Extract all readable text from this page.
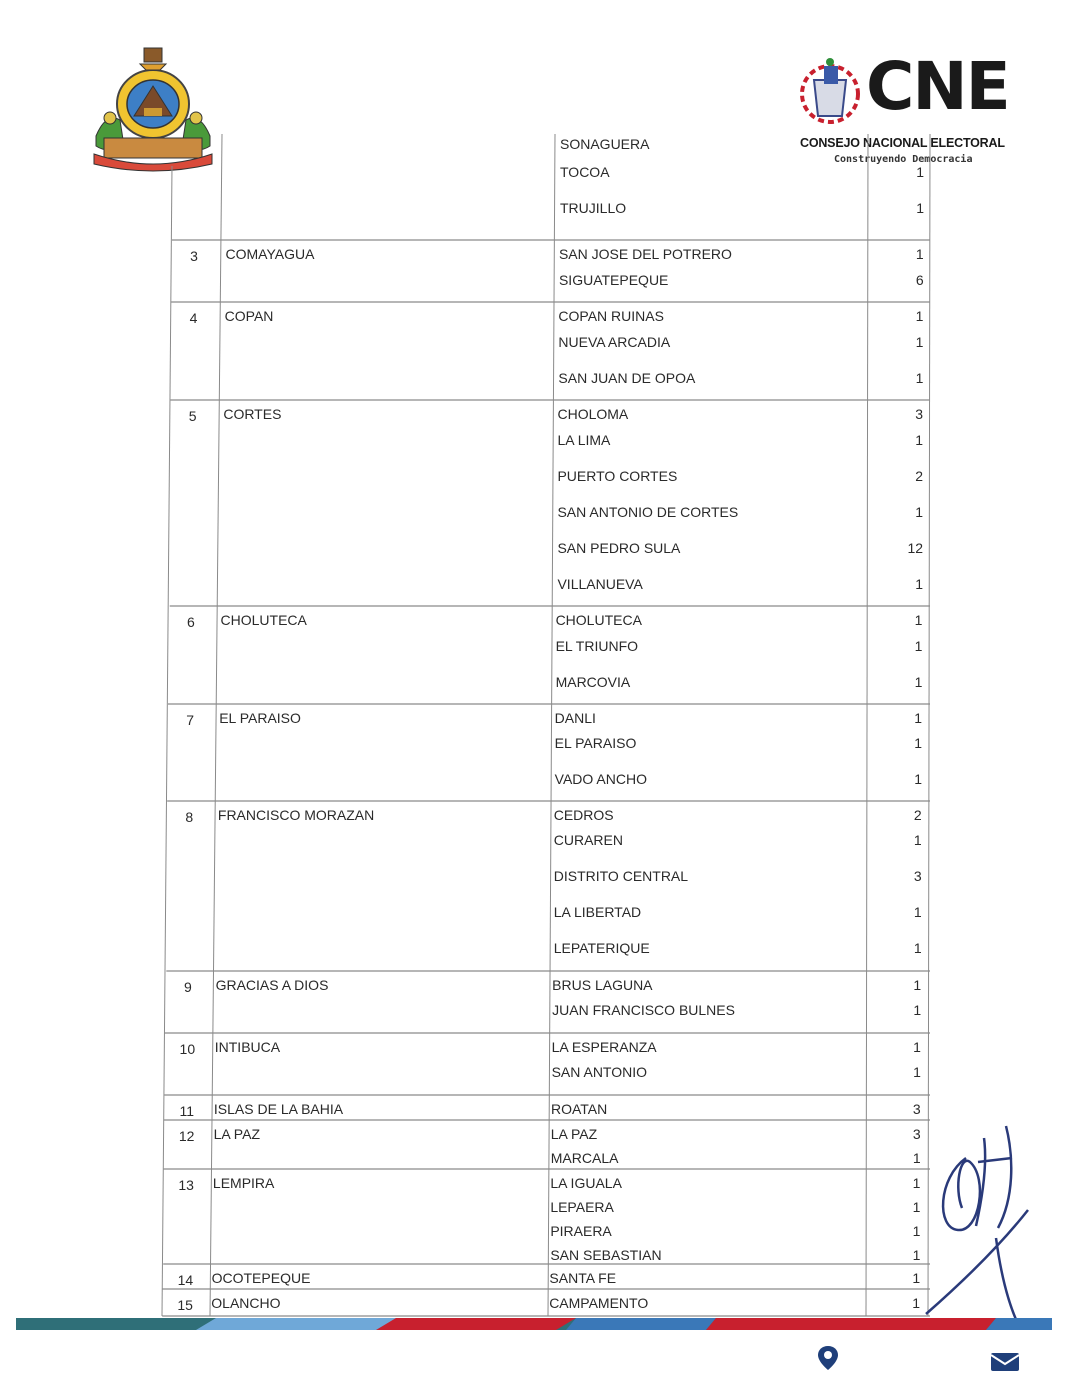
CNE
CONSEJO NACIONAL ELECTORAL
Construyendo Democracia
SONAGUERA
TOCOA	1
TRUJILLO	1
3	COMAYAGUA	SAN JOSE DEL POTRERO	1
SIGUATEPEQUE	6
4	COPAN	COPAN RUINAS	1
NUEVA ARCADIA	1
SAN JUAN DE OPOA	1
5	CORTES	CHOLOMA	3
LA LIMA	1
PUERTO CORTES	2
SAN ANTONIO DE CORTES	1
SAN PEDRO SULA	12
VILLANUEVA	1
6	CHOLUTECA	CHOLUTECA	1
EL TRIUNFO	1
MARCOVIA	1
7	EL PARAISO	DANLI	1
EL PARAISO	1
VADO ANCHO	1
8	FRANCISCO MORAZAN	CEDROS	2
CURAREN	1
DISTRITO CENTRAL	3
LA LIBERTAD	1
LEPATERIQUE	1
9	GRACIAS A DIOS	BRUS LAGUNA	1
JUAN FRANCISCO BULNES	1
10	INTIBUCA	LA ESPERANZA	1
SAN ANTONIO	1
11	ISLAS DE LA BAHIA	ROATAN	3
12	LA PAZ	LA PAZ	3
MARCALA	1
13	LEMPIRA	LA IGUALA	1
LEPAERA	1
PIRAERA	1
SAN SEBASTIAN	1
14	OCOTEPEQUE	SANTA FE	1
15	OLANCHO	CAMPAMENTO	1
